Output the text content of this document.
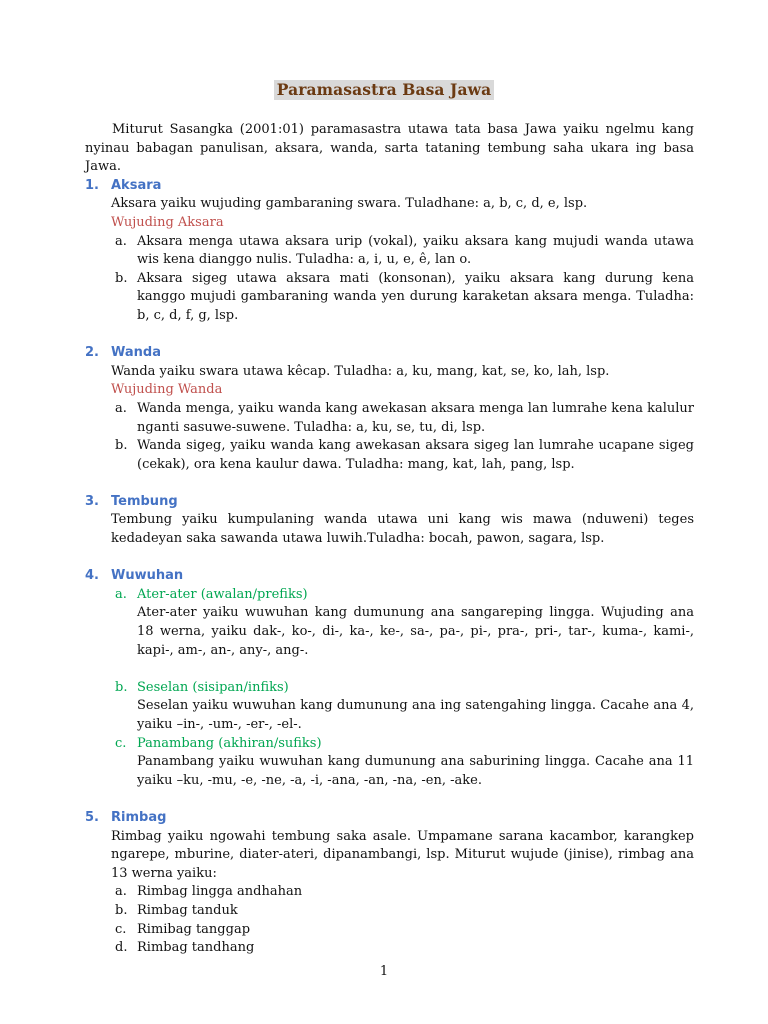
Paramasastra Basa Jawa

Miturut Sasangka (2001:01) paramasastra utawa tata basa Jawa yaiku ngelmu kang nyinau babagan panulisan, aksara, wanda, sarta tataning tembung saha ukara ing basa Jawa.

1. Aksara

Aksara yaiku wujuding gambaraning swara. Tuladhane: a, b, c, d, e, lsp.

Wujuding Aksara

a. Aksara menga utawa aksara urip (vokal), yaiku aksara kang mujudi wanda utawa wis kena dianggo nulis. Tuladha: a, i, u, e, ê, lan o.

b. Aksara sigeg utawa aksara mati (konsonan), yaiku aksara kang durung kena kanggo mujudi gambaraning wanda yen durung karaketan aksara menga. Tuladha: b, c, d, f, g, lsp.

2. Wanda

Wanda yaiku swara utawa kêcap. Tuladha: a, ku, mang, kat, se, ko, lah, lsp.

Wujuding Wanda

a. Wanda menga, yaiku wanda kang awekasan aksara menga lan lumrahe kena kalulur nganti sasuwe-suwene. Tuladha: a, ku, se, tu, di, lsp.

b. Wanda sigeg, yaiku wanda kang awekasan aksara sigeg lan lumrahe ucapane sigeg (cekak), ora kena kaulur dawa. Tuladha: mang, kat, lah, pang, lsp.

3. Tembung

Tembung yaiku kumpulaning wanda utawa uni kang wis mawa (nduweni) teges kedadeyan saka sawanda utawa luwih.Tuladha: bocah, pawon, sagara, lsp.

4. Wuwuhan

a. Ater-ater (awalan/prefiks)

Ater-ater yaiku wuwuhan kang dumunung ana sangareping lingga. Wujuding ana 18 werna, yaiku dak-, ko-, di-, ka-, ke-, sa-, pa-, pi-, pra-, pri-, tar-, kuma-, kami-, kapi-, am-, an-, any-, ang-.

b. Seselan (sisipan/infiks)

Seselan yaiku wuwuhan kang dumunung ana ing satengahing lingga. Cacahe ana 4, yaiku –in-, -um-, -er-, -el-.

c. Panambang (akhiran/sufiks)

Panambang yaiku wuwuhan kang dumunung ana saburining lingga. Cacahe ana 11 yaiku –ku, -mu, -e, -ne, -a, -i, -ana, -an, -na, -en, -ake.

5. Rimbag

Rimbag yaiku ngowahi tembung saka asale. Umpamane sarana kacambor, karangkep ngarepe, mburine, diater-ateri, dipanambangi, lsp. Miturut wujude (jinise), rimbag ana 13 werna yaiku:

a. Rimbag lingga andhahan

b. Rimbag tanduk

c. Rimibag tanggap

d. Rimbag tandhang

1
